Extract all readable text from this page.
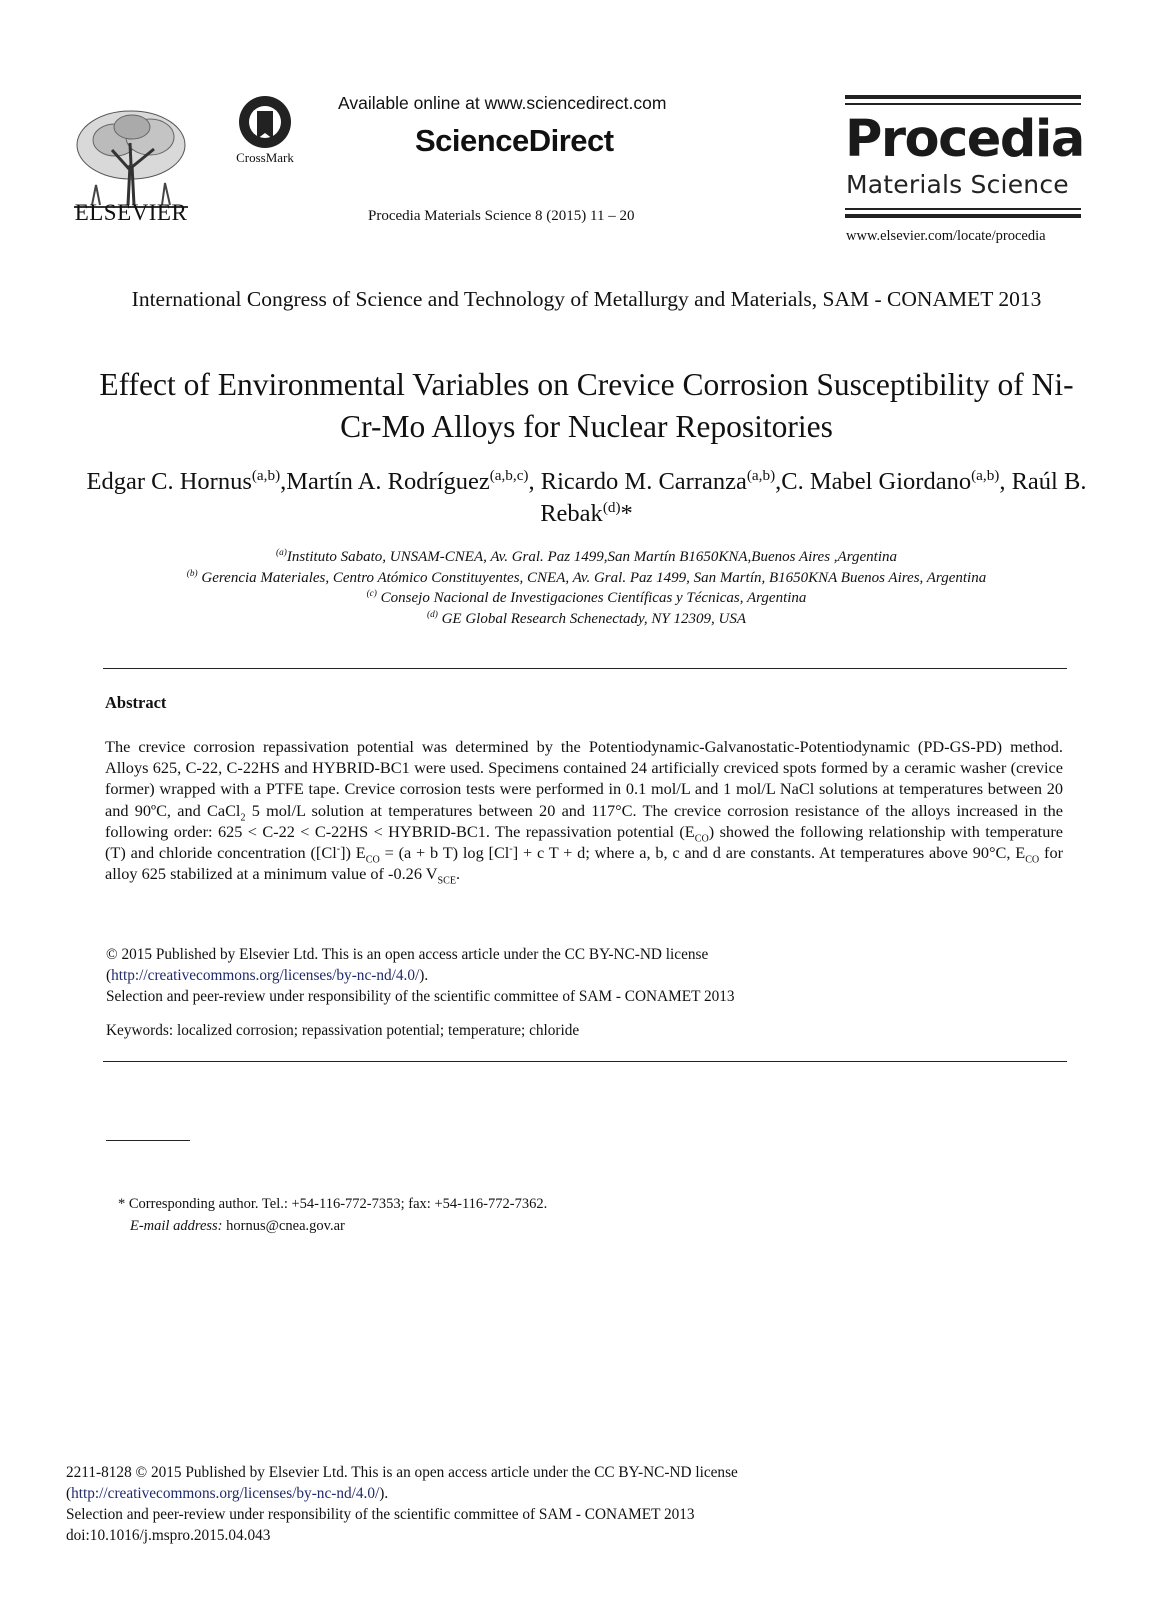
ELSEVIER
CrossMark
Available online at www.sciencedirect.com
ScienceDirect
Procedia Materials Science 8 (2015) 11 – 20
Procedia
Materials Science
www.elsevier.com/locate/procedia
International Congress of Science and Technology of Metallurgy and Materials, SAM - CONAMET 2013
Effect of Environmental Variables on Crevice Corrosion Susceptibility of Ni-Cr-Mo Alloys for Nuclear Repositories
Edgar C. Hornus$^{(a,b)}$,Martín A. Rodríguez$^{(a,b,c)}$, Ricardo M. Carranza$^{(a,b)}$,C. Mabel Giordano$^{(a,b)}$, Raúl B. Rebak$^{(d)}$*
$^{(a)}$Instituto Sabato, UNSAM-CNEA, Av. Gral. Paz 1499,San Martín B1650KNA,Buenos Aires ,Argentina
$^{(b)}$ Gerencia Materiales, Centro Atómico Constituyentes, CNEA, Av. Gral. Paz 1499, San Martín, B1650KNA Buenos Aires, Argentina
$^{(c)}$ Consejo Nacional de Investigaciones Científicas y Técnicas, Argentina
$^{(d)}$ GE Global Research Schenectady, NY 12309, USA
Abstract
The crevice corrosion repassivation potential was determined by the Potentiodynamic-Galvanostatic-Potentiodynamic (PD-GS-PD) method. Alloys 625, C-22, C-22HS and HYBRID-BC1 were used. Specimens contained 24 artificially creviced spots formed by a ceramic washer (crevice former) wrapped with a PTFE tape. Crevice corrosion tests were performed in 0.1 mol/L and 1 mol/L NaCl solutions at temperatures between 20 and 90ºC, and CaCl$_2$ 5 mol/L solution at temperatures between 20 and 117°C. The crevice corrosion resistance of the alloys increased in the following order: 625 < C-22 < C-22HS < HYBRID-BC1. The repassivation potential $(E_{CO})$ showed the following relationship with temperature (T) and chloride concentration ([Cl-]) $E_{CO} = (a + b$ T) log [Cl-] + c T + d; where a, b, c and d are constants. At temperatures above 90°C, $E_{CO}$ for alloy 625 stabilized at a minimum value of -0.26 $V_{SCE}$.
© 2015 Published by Elsevier Ltd. This is an open access article under the CC BY-NC-ND license
(http://creativecommons.org/licenses/by-nc-nd/4.0/).
Selection and peer-review under responsibility of the scientific committee of SAM - CONAMET 2013
Keywords: localized corrosion; repassivation potential; temperature; chloride
* Corresponding author. Tel.: +54-116-772-7353; fax: +54-116-772-7362.
E-mail address: hornus@cnea.gov.ar
2211-8128 © 2015 Published by Elsevier Ltd. This is an open access article under the CC BY-NC-ND license
(http://creativecommons.org/licenses/by-nc-nd/4.0/).
Selection and peer-review under responsibility of the scientific committee of SAM - CONAMET 2013
doi:10.1016/j.mspro.2015.04.043
